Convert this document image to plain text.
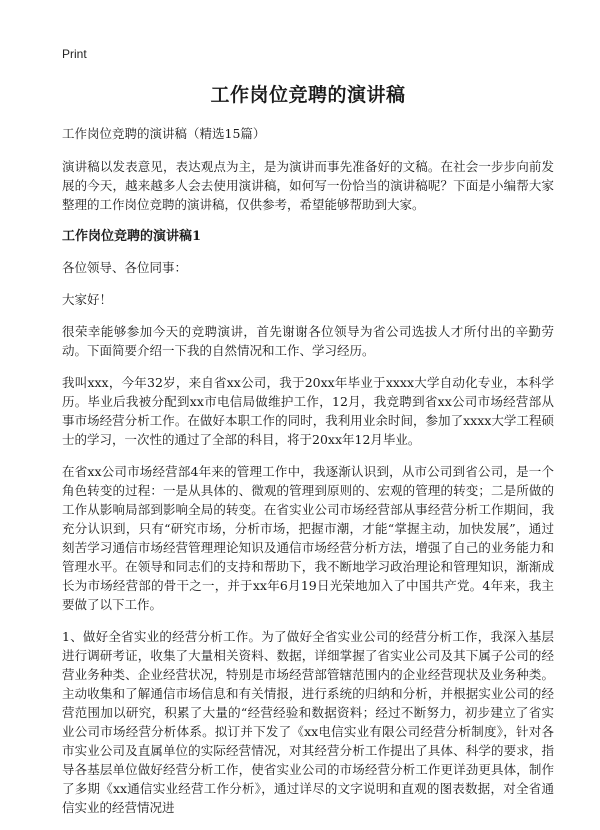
Print
工作岗位竞聘的演讲稿
工作岗位竞聘的演讲稿（精选15篇）

演讲稿以发表意见，表达观点为主，是为演讲而事先准备好的文稿。在社会一步步向前发展的今天，越来越多人会去使用演讲稿，如何写一份恰当的演讲稿呢？下面是小编帮大家整理的工作岗位竞聘的演讲稿，仅供参考，希望能够帮助到大家。

工作岗位竞聘的演讲稿1

各位领导、各位同事：

大家好！

很荣幸能够参加今天的竞聘演讲，首先谢谢各位领导为省公司选拔人才所付出的辛勤劳动。下面简要介绍一下我的自然情况和工作、学习经历。

我叫xxx，今年32岁，来自省xx公司，我于20xx年毕业于xxxx大学自动化专业，本科学历。毕业后我被分配到xx市电信局做维护工作，12月，我竞聘到省xx公司市场经营部从事市场经营分析工作。在做好本职工作的同时，我利用业余时间，参加了xxxx大学工程硕士的学习，一次性的通过了全部的科目，将于20xx年12月毕业。

在省xx公司市场经营部4年来的管理工作中，我逐渐认识到，从市公司到省公司，是一个角色转变的过程：一是从具体的、微观的管理到原则的、宏观的管理的转变；二是所做的工作从影响局部到影响全局的转变。在省实业公司市场经营部从事经营分析工作期间，我充分认识到，只有“研究市场，分析市场，把握市潮，才能“掌握主动，加快发展”，通过刻苦学习通信市场经营管理理论知识及通信市场经营分析方法，增强了自己的业务能力和管理水平。在领导和同志们的支持和帮助下，我不断地学习政治理论和管理知识，渐渐成长为市场经营部的骨干之一，并于xx年6月19日光荣地加入了中国共产党。4年来，我主要做了以下工作。

1、做好全省实业的经营分析工作。为了做好全省实业公司的经营分析工作，我深入基层进行调研考证，收集了大量相关资料、数据，详细掌握了省实业公司及其下属子公司的经营业务种类、企业经营状况，特别是市场经营部管辖范围内的企业经营现状及业务种类。主动收集和了解通信市场信息和有关情报，进行系统的归纳和分析，并根据实业公司的经营范围加以研究，积累了大量的“经营经验和数据资料；经过不断努力，初步建立了省实业公司市场经营分析体系。拟订并下发了《xx电信实业有限公司经营分析制度》，针对各市实业公司及直属单位的实际经营情况，对其经营分析工作提出了具体、科学的要求，指导各基层单位做好经营分析工作，使省实业公司的市场经营分析工作更详劲更具体，制作了多期《xx通信实业经营工作分析》，通过详尽的文字说明和直观的图表数据，对全省通信实业的经营情况进
